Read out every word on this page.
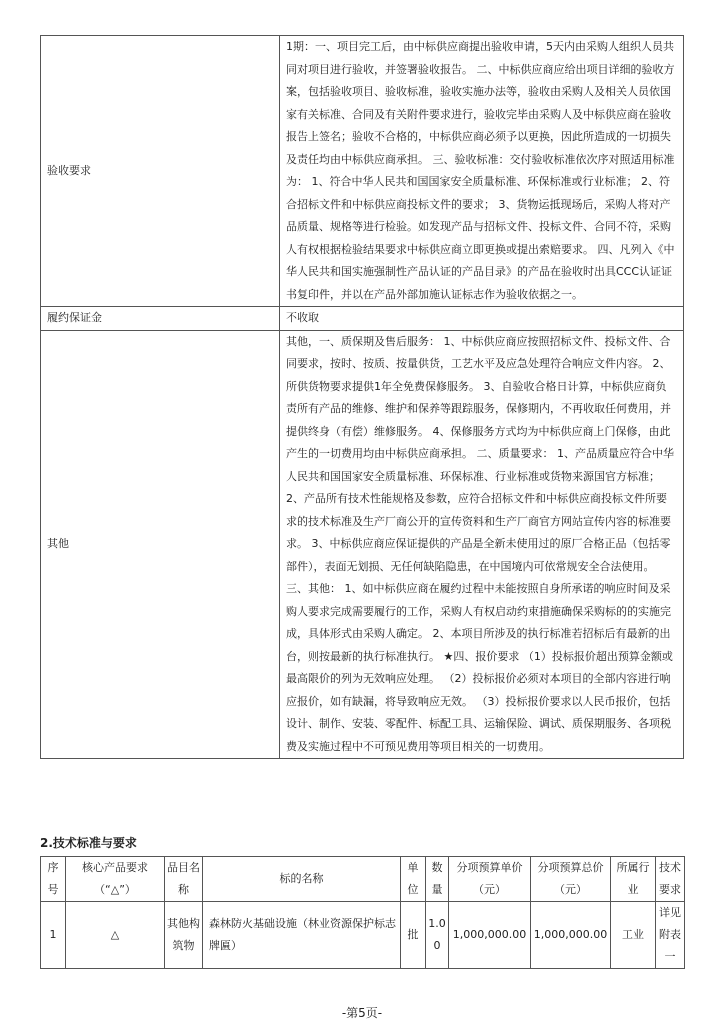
验收要求	1期：一、项目完工后，由中标供应商提出验收申请，5天内由采购人组织人员共同对项目进行验收，并签署验收报告。 二、中标供应商应给出项目详细的验收方案，包括验收项目、验收标准，验收实施办法等，验收由采购人及相关人员依国家有关标准、合同及有关附件要求进行，验收完毕由采购人及中标供应商在验收报告上签名；验收不合格的，中标供应商必须予以更换，因此所造成的一切损失及责任均由中标供应商承担。 三、验收标准：交付验收标准依次序对照适用标准为： 1、符合中华人民共和国国家安全质量标准、环保标准或行业标准； 2、符合招标文件和中标供应商投标文件的要求； 3、货物运抵现场后，采购人将对产品质量、规格等进行检验。如发现产品与招标文件、投标文件、合同不符，采购人有权根据检验结果要求中标供应商立即更换或提出索赔要求。 四、凡列入《中华人民共和国实施强制性产品认证的产品目录》的产品在验收时出具CCC认证证书复印件，并以在产品外部加施认证标志作为验收依据之一。
履约保证金	不收取
其他	其他，一、质保期及售后服务： 1、中标供应商应按照招标文件、投标文件、合同要求，按时、按质、按量供货，工艺水平及应急处理符合响应文件内容。 2、所供货物要求提供1年全免费保修服务。 3、自验收合格日计算，中标供应商负责所有产品的维修、维护和保养等跟踪服务，保修期内，不再收取任何费用，并提供终身（有偿）维修服务。 4、保修服务方式均为中标供应商上门保修，由此产生的一切费用均由中标供应商承担。 二、质量要求： 1、产品质量应符合中华人民共和国国家安全质量标准、环保标准、行业标准或货物来源国官方标准； 2、产品所有技术性能规格及参数，应符合招标文件和中标供应商投标文件所要求的技术标准及生产厂商公开的宣传资料和生产厂商官方网站宣传内容的标准要求。 3、中标供应商应保证提供的产品是全新未使用过的原厂合格正品（包括零部件），表面无划损、无任何缺陷隐患，在中国境内可依常规安全合法使用。 三、其他： 1、如中标供应商在履约过程中未能按照自身所承诺的响应时间及采购人要求完成需要履行的工作，采购人有权启动约束措施确保采购标的的实施完成，具体形式由采购人确定。 2、本项目所涉及的执行标准若招标后有最新的出台，则按最新的执行标准执行。 ★四、报价要求 （1）投标报价超出预算金额或最高限价的列为无效响应处理。 （2）投标报价必须对本项目的全部内容进行响应报价，如有缺漏，将导致响应无效。 （3）投标报价要求以人民币报价，包括设计、制作、安装、零配件、标配工具、运输保险、调试、质保期服务、各项税费及实施过程中不可预见费用等项目相关的一切费用。
2.技术标准与要求
序号	核心产品要求（“△”）	品目名称	标的名称	单位	数量	分项预算单价（元）	分项预算总价（元）	所属行业	技术要求
1	△	其他构筑物	森林防火基础设施（林业资源保护标志牌匾）	批	1.00	1,000,000.00	1,000,000.00	工业	详见附表一
-第5页-
